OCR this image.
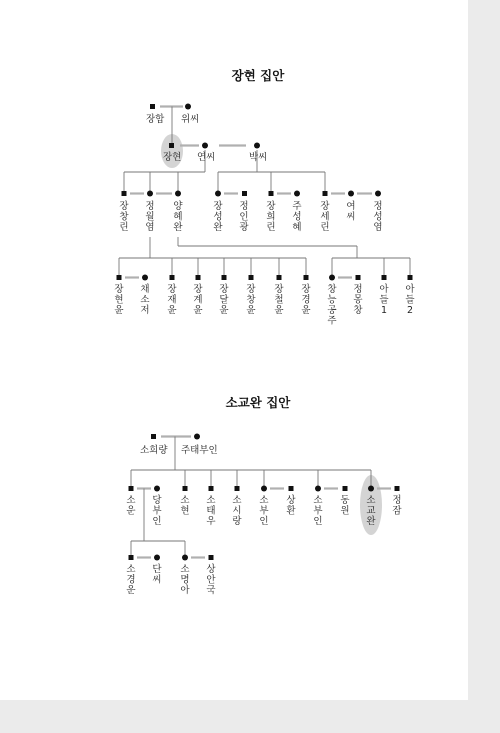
장현 집안
장합 위씨
장현 연씨	박씨
장 창 린
정 월 염
양 혜 완
장 성 완
정 인 광
장 희 린
주 성 혜
장 세 린
여 씨
정 성 염
장 현 윤
채 소 저
장 재 윤
장 계 윤
장 달 윤
장 창 윤
장 철 윤
장 경 윤
창 능 공 주
정 몽 창
아 들 1
아 들 2
소교완 집안
소희량 주태부인
소 운
당 부 인
소 현
소 태 우
소 시 랑
소 부 인
상 환
소 부 인
동 원
소 교 완
정 잠
소 경 운
단 씨
소 명 아
상 안 국
